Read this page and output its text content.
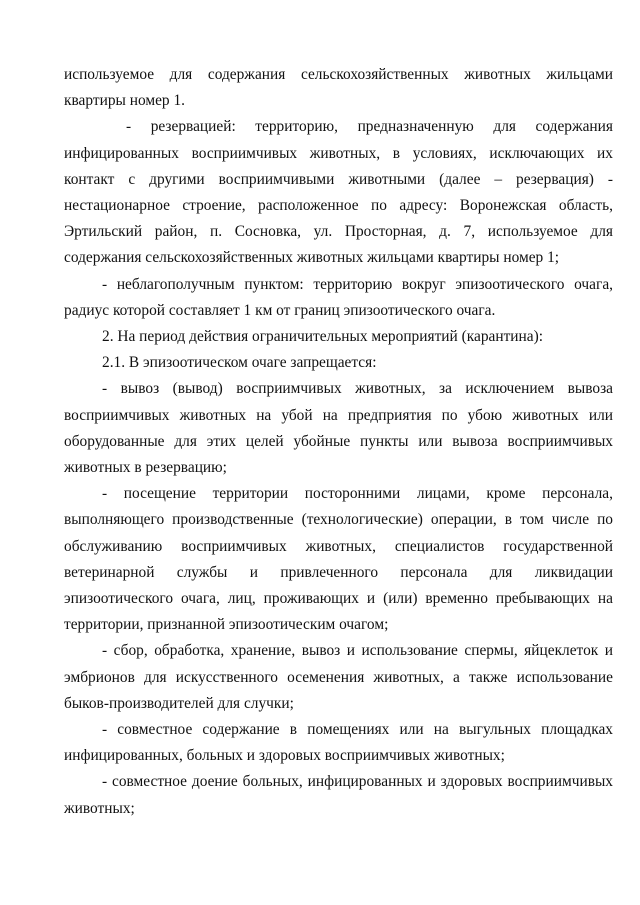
используемое для содержания сельскохозяйственных животных жильцами квартиры номер 1.

- резервацией: территорию, предназначенную для содержания инфицированных восприимчивых животных, в условиях, исключающих их контакт с другими восприимчивыми животными (далее – резервация) - нестационарное строение, расположенное по адресу: Воронежская область, Эртильский район, п. Сосновка, ул. Просторная, д. 7, используемое для содержания сельскохозяйственных животных жильцами квартиры номер 1;

- неблагополучным пунктом: территорию вокруг эпизоотического очага, радиус которой составляет 1 км от границ эпизоотического очага.

2. На период действия ограничительных мероприятий (карантина):

2.1. В эпизоотическом очаге запрещается:

- вывоз (вывод) восприимчивых животных, за исключением вывоза восприимчивых животных на убой на предприятия по убою животных или оборудованные для этих целей убойные пункты или вывоза восприимчивых животных в резервацию;

- посещение территории посторонними лицами, кроме персонала, выполняющего производственные (технологические) операции, в том числе по обслуживанию восприимчивых животных, специалистов государственной ветеринарной службы и привлеченного персонала для ликвидации эпизоотического очага, лиц, проживающих и (или) временно пребывающих на территории, признанной эпизоотическим очагом;

- сбор, обработка, хранение, вывоз и использование спермы, яйцеклеток и эмбрионов для искусственного осеменения животных, а также использование быков-производителей для случки;

- совместное содержание в помещениях или на выгульных площадках инфицированных, больных и здоровых восприимчивых животных;

- совместное доение больных, инфицированных и здоровых восприимчивых животных;
